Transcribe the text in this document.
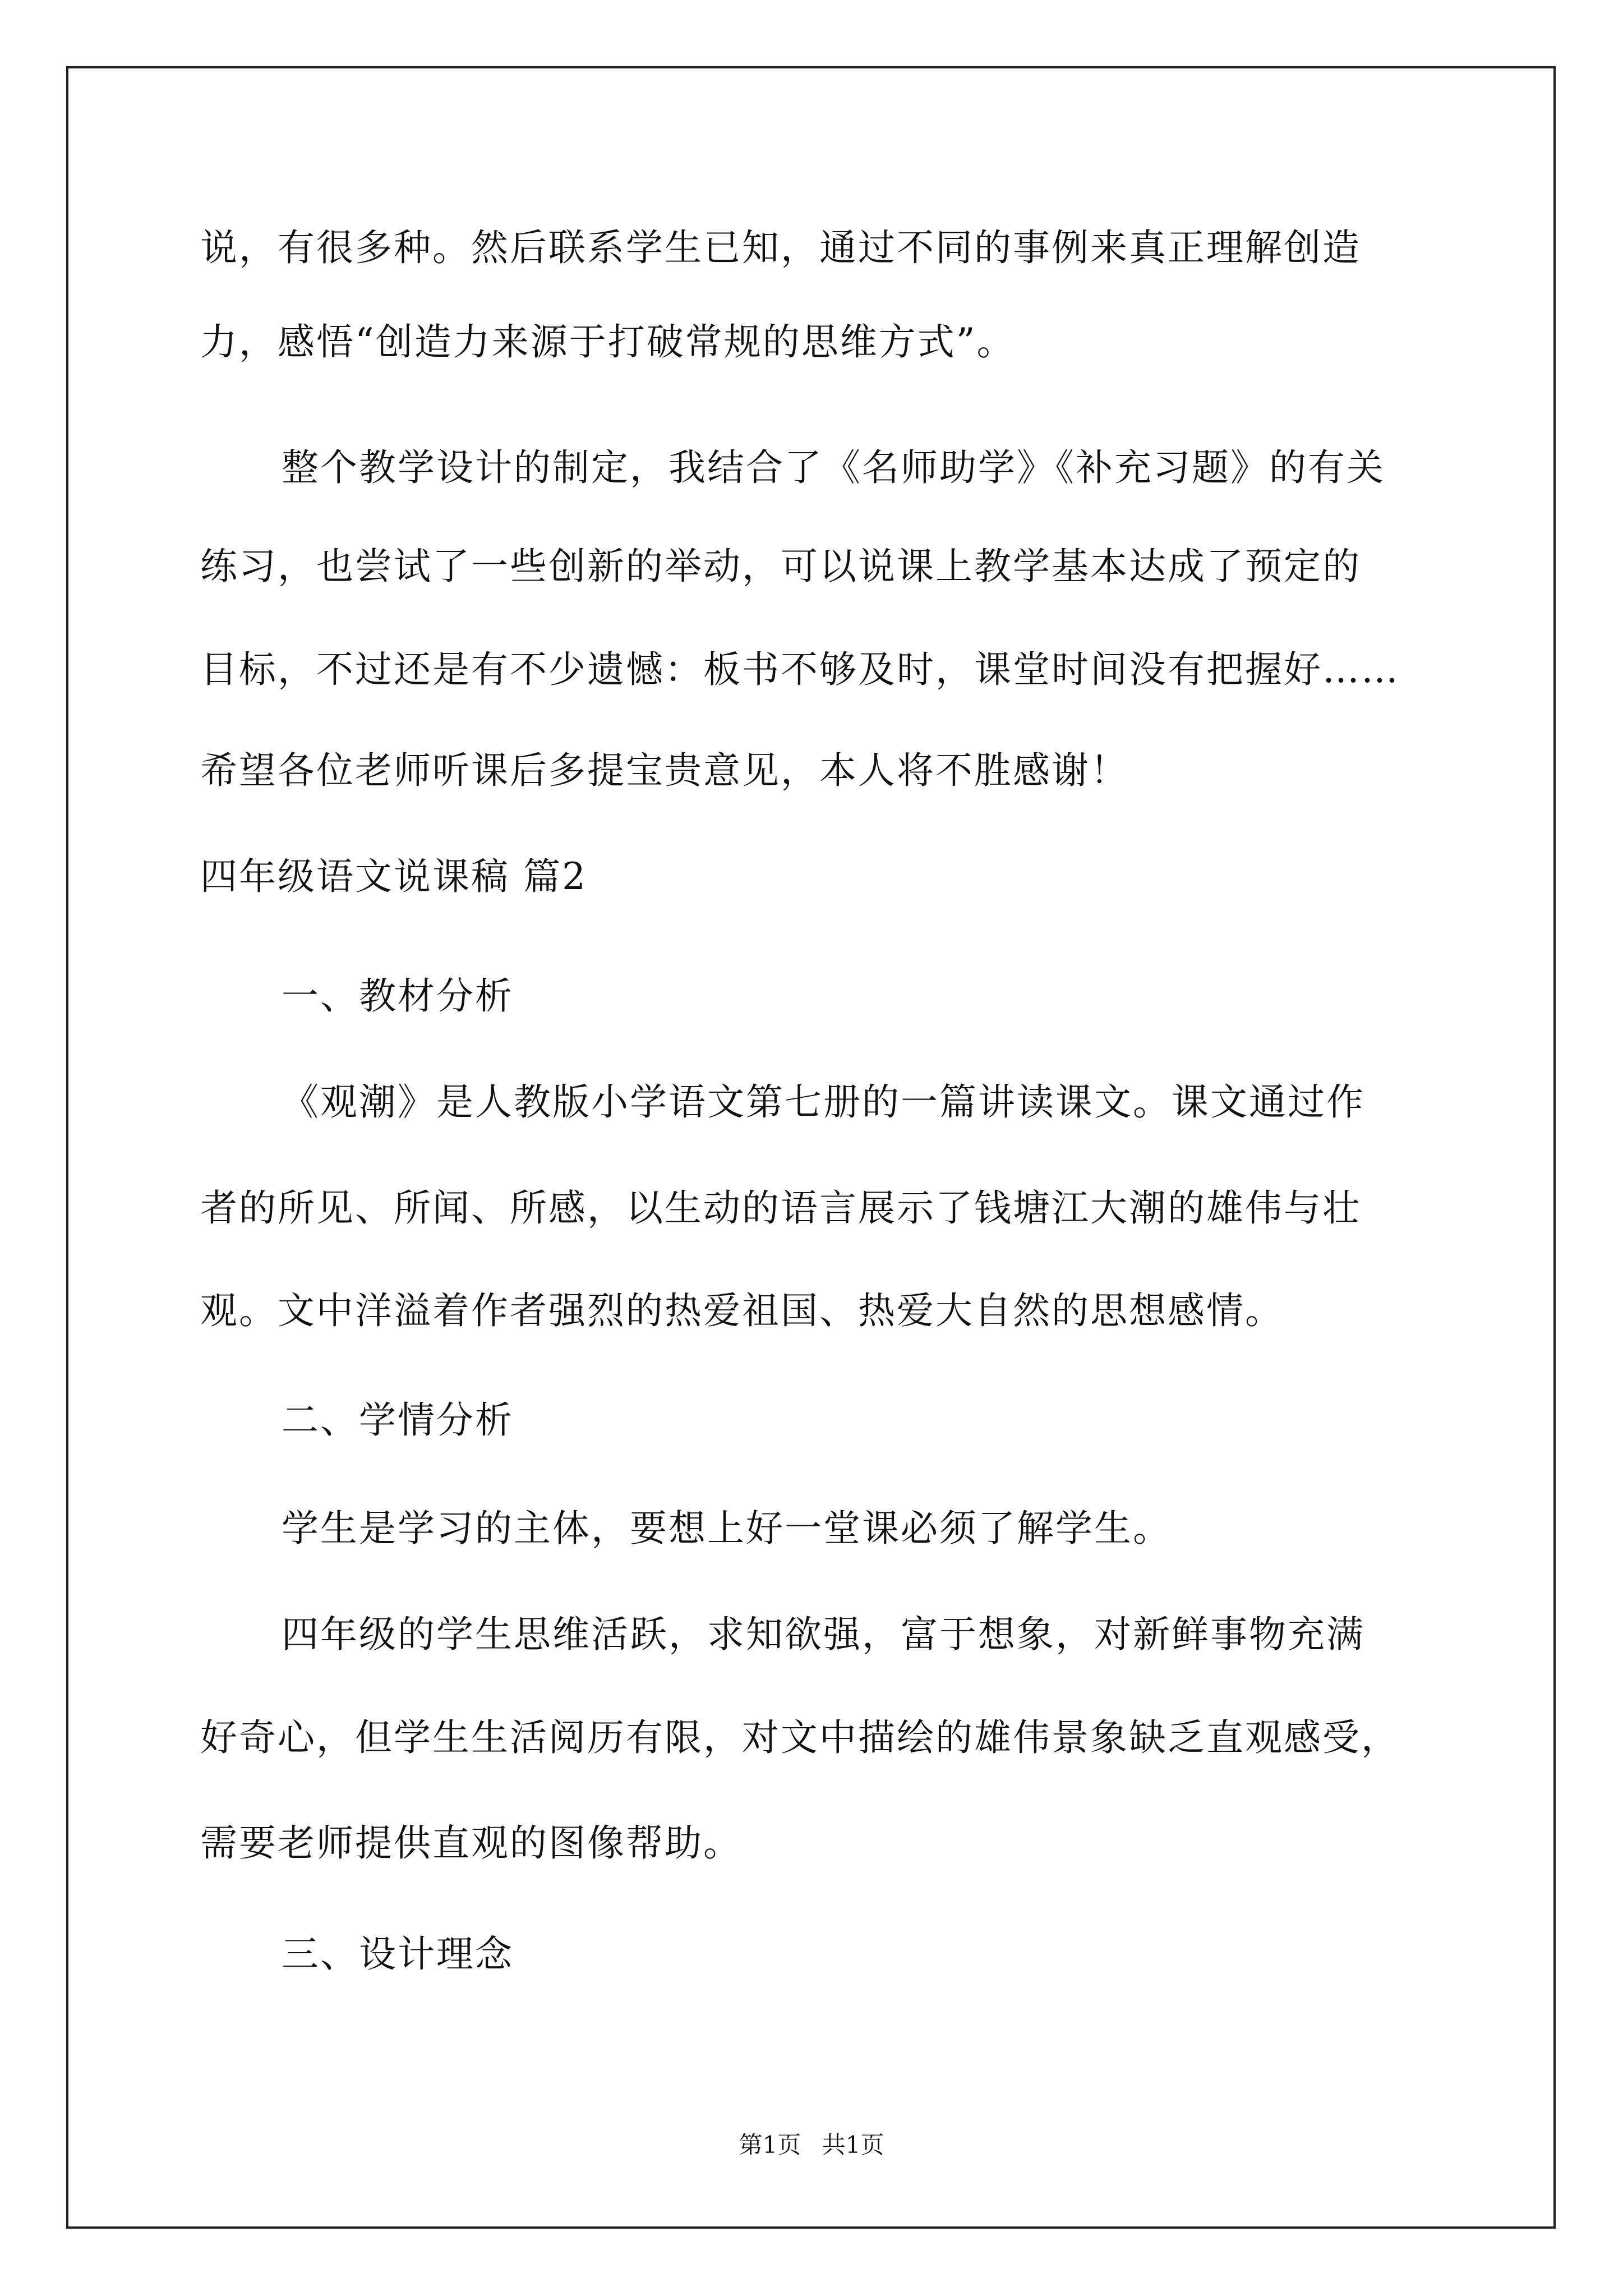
说，有很多种。然后联系学生已知，通过不同的事例来真正理解创造
力，感悟“创造力来源于打破常规的思维方式”。
整个教学设计的制定，我结合了《名师助学》《补充习题》的有关
练习，也尝试了一些创新的举动，可以说课上教学基本达成了预定的
目标，不过还是有不少遗憾：板书不够及时，课堂时间没有把握好……
希望各位老师听课后多提宝贵意见，本人将不胜感谢！
四年级语文说课稿 篇2
一、教材分析
《观潮》是人教版小学语文第七册的一篇讲读课文。课文通过作
者的所见、所闻、所感，以生动的语言展示了钱塘江大潮的雄伟与壮
观。文中洋溢着作者强烈的热爱祖国、热爱大自然的思想感情。
二、学情分析
学生是学习的主体，要想上好一堂课必须了解学生。
四年级的学生思维活跃，求知欲强，富于想象，对新鲜事物充满
好奇心，但学生生活阅历有限，对文中描绘的雄伟景象缺乏直观感受，
需要老师提供直观的图像帮助。
三、设计理念
第1页 共1页
